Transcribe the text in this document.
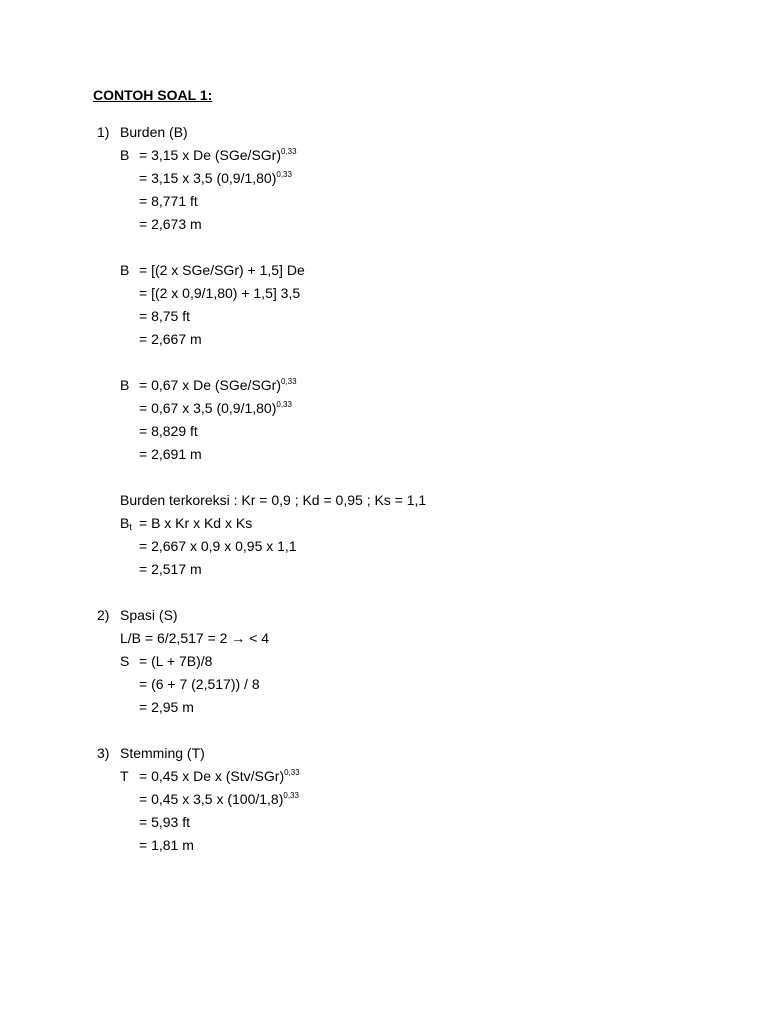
CONTOH SOAL 1:
1) Burden (B)
2) Spasi (S)
3) Stemming (T)
B = 3,15 x De $(SGe/SGr)^{0,33}$
= 3,15 x 3,5 $(0,9/1,80)^{0,33}$
= 8,771 ft
= 2,673 m
B = [(2 x SGe/SGr) + 1,5] De
= [(2 x 0,9/1,80) + 1,5] 3,5
= 8,75 ft
= 2,667 m
B = 0,67 x De $(SGe/SGr)^{0,33}$
= 0,67 x 3,5 $(0,9/1,80)^{0,33}$
= 8,829 ft
= 2,691 m
Burden terkoreksi : Kr = 0,9 ; Kd = 0,95 ; Ks = 1,1
$B_t = B$ x Kr x Kd x Ks
= 2,667 x 0,9 x 0,95 x 1,1
= 2,517 m
L/B = 6/2,517 = 2 → < 4
S = (L + 7B)/8
= (6 + 7 (2,517)) / 8
= 2,95 m
T = 0,45 x De x $(Stv/SGr)^{0,33}$
= 0,45 x 3,5 x $(100/1,8)^{0,33}$
= 5,93 ft
= 1,81 m
